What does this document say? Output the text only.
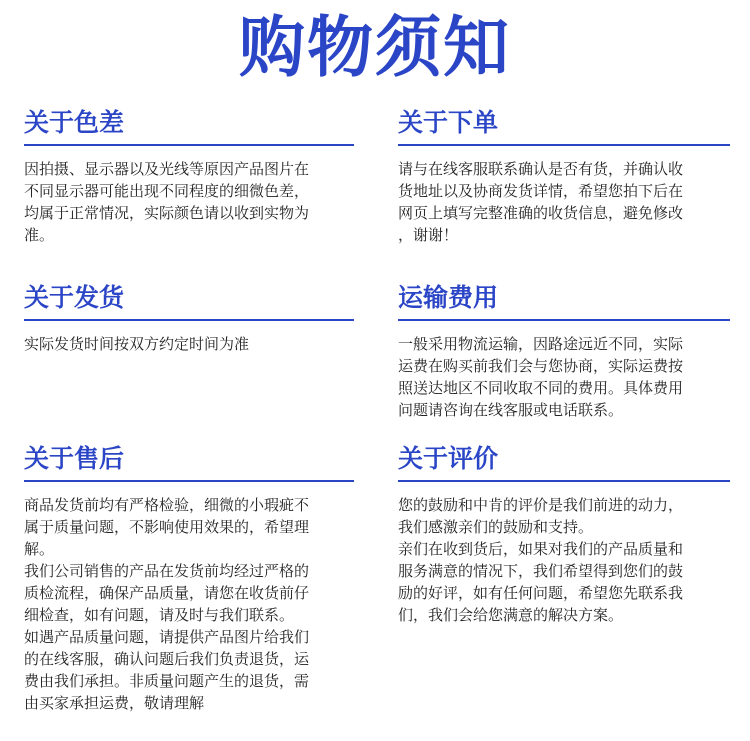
购物须知
关于色差
因拍摄、显示器以及光线等原因产品图片在
不同显示器可能出现不同程度的细微色差，
均属于正常情况，实际颜色请以收到实物为
准。
关于下单
请与在线客服联系确认是否有货，并确认收
货地址以及协商发货详情，希望您拍下后在
网页上填写完整准确的收货信息，避免修改
，谢谢！
关于发货
实际发货时间按双方约定时间为准
运输费用
一般采用物流运输，因路途远近不同，实际
运费在购买前我们会与您协商，实际运费按
照送达地区不同收取不同的费用。具体费用
问题请咨询在线客服或电话联系。
关于售后
商品发货前均有严格检验，细微的小瑕疵不
属于质量问题，不影响使用效果的，希望理
解。
我们公司销售的产品在发货前均经过严格的
质检流程，确保产品质量，请您在收货前仔
细检查，如有问题，请及时与我们联系。
如遇产品质量问题，请提供产品图片给我们
的在线客服，确认问题后我们负责退货，运
费由我们承担。非质量问题产生的退货，需
由买家承担运费，敬请理解
关于评价
您的鼓励和中肯的评价是我们前进的动力，
我们感激亲们的鼓励和支持。
亲们在收到货后，如果对我们的产品质量和
服务满意的情况下，我们希望得到您们的鼓
励的好评，如有任何问题，希望您先联系我
们，我们会给您满意的解决方案。
